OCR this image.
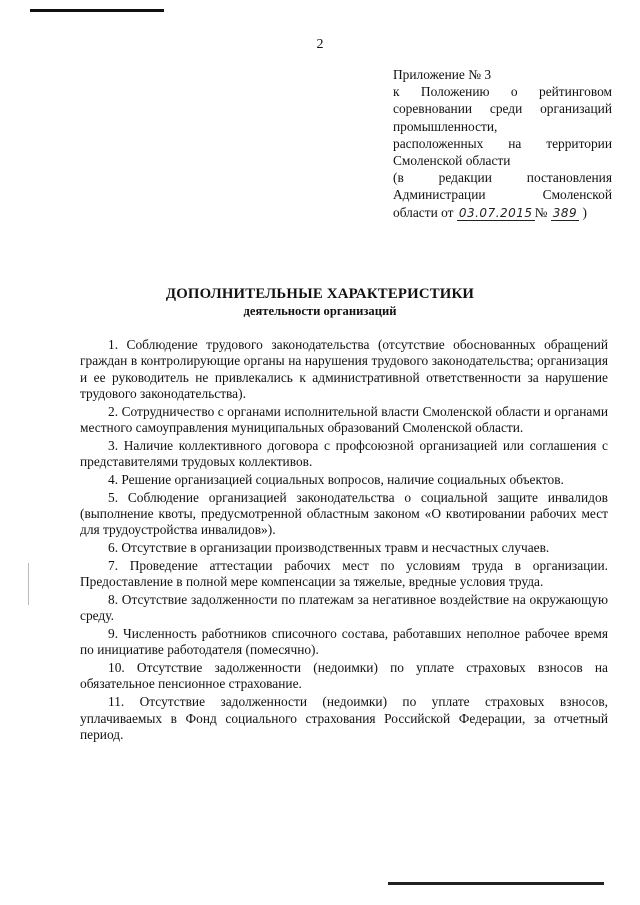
2
Приложение № 3
к Положению о рейтинговом
соревновании среди организаций
промышленности,
расположенных на территории
Смоленской области
(в редакции постановления
Администрации Смоленской
области от 03.07.2015 № 389 )
ДОПОЛНИТЕЛЬНЫЕ ХАРАКТЕРИСТИКИ
деятельности организаций

1. Соблюдение трудового законодательства (отсутствие обоснованных обращений граждан в контролирующие органы на нарушения трудового законодательства; организация и ее руководитель не привлекались к административной ответственности за нарушение трудового законодательства).

2. Сотрудничество с органами исполнительной власти Смоленской области и органами местного самоуправления муниципальных образований Смоленской области.

3. Наличие коллективного договора с профсоюзной организацией или соглашения с представителями трудовых коллективов.

4. Решение организацией социальных вопросов, наличие социальных объектов.

5. Соблюдение организацией законодательства о социальной защите инвалидов (выполнение квоты, предусмотренной областным законом «О квотировании рабочих мест для трудоустройства инвалидов»).

6. Отсутствие в организации производственных травм и несчастных случаев.

7. Проведение аттестации рабочих мест по условиям труда в организации. Предоставление в полной мере компенсации за тяжелые, вредные условия труда.

8. Отсутствие задолженности по платежам за негативное воздействие на окружающую среду.

9. Численность работников списочного состава, работавших неполное рабочее время по инициативе работодателя (помесячно).

10. Отсутствие задолженности (недоимки) по уплате страховых взносов на обязательное пенсионное страхование.

11. Отсутствие задолженности (недоимки) по уплате страховых взносов, уплачиваемых в Фонд социального страхования Российской Федерации, за отчетный период.
